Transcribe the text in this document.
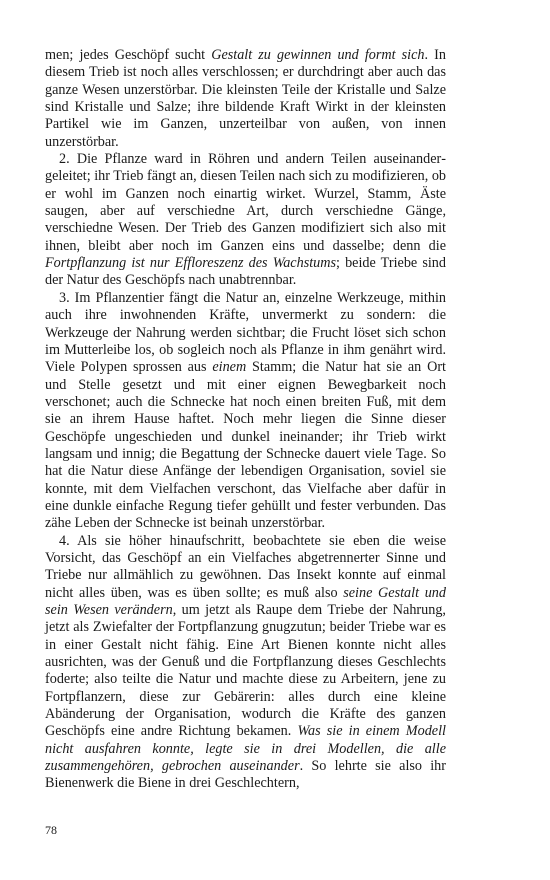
men; jedes Geschöpf sucht Gestalt zu gewinnen und formt sich. In diesem Trieb ist noch alles verschlossen; er durchdringt aber auch das ganze Wesen unzerstörbar. Die kleinsten Teile der Kristalle und Salze sind Kristalle und Salze; ihre bildende Kraft Wirkt in der kleinsten Partikel wie im Ganzen, unzerteilbar von außen, von innen unzerstörbar.

2. Die Pflanze ward in Röhren und andern Teilen auseinandergeleitet; ihr Trieb fängt an, diesen Teilen nach sich zu modifizieren, ob er wohl im Ganzen noch einartig wirket. Wurzel, Stamm, Äste saugen, aber auf verschiedne Art, durch verschiedne Gänge, verschiedne Wesen. Der Trieb des Ganzen modifiziert sich also mit ihnen, bleibt aber noch im Ganzen eins und dasselbe; denn die Fortpflanzung ist nur Effloreszenz des Wachstums; beide Triebe sind der Natur des Geschöpfs nach unabtrennbar.

3. Im Pflanzentier fängt die Natur an, einzelne Werkzeuge, mithin auch ihre inwohnenden Kräfte, unvermerkt zu sondern: die Werkzeuge der Nahrung werden sichtbar; die Frucht löset sich schon im Mutterleibe los, ob sogleich noch als Pflanze in ihm genährt wird. Viele Polypen sprossen aus einem Stamm; die Natur hat sie an Ort und Stelle gesetzt und mit einer eignen Bewegbarkeit noch verschonet; auch die Schnecke hat noch einen breiten Fuß, mit dem sie an ihrem Hause haftet. Noch mehr liegen die Sinne dieser Geschöpfe ungeschieden und dunkel ineinander; ihr Trieb wirkt langsam und innig; die Begattung der Schnecke dauert viele Tage. So hat die Natur diese Anfänge der lebendigen Organisation, soviel sie konnte, mit dem Vielfachen verschont, das Vielfache aber dafür in eine dunkle einfache Regung tiefer gehüllt und fester verbunden. Das zähe Leben der Schnecke ist beinah unzerstörbar.

4. Als sie höher hinaufschritt, beobachtete sie eben die weise Vorsicht, das Geschöpf an ein Vielfaches abgetrennerter Sinne und Triebe nur allmählich zu gewöhnen. Das Insekt konnte auf einmal nicht alles üben, was es üben sollte; es muß also seine Gestalt und sein Wesen verändern, um jetzt als Raupe dem Triebe der Nahrung, jetzt als Zwiefalter der Fortpflanzung gnugzutun; beider Triebe war es in einer Gestalt nicht fähig. Eine Art Bienen konnte nicht alles ausrichten, was der Genuß und die Fortpflanzung dieses Geschlechts foderte; also teilte die Natur und machte diese zu Arbeitern, jene zu Fortpflanzern, diese zur Gebärerin: alles durch eine kleine Abänderung der Organisation, wodurch die Kräfte des ganzen Geschöpfs eine andre Richtung bekamen. Was sie in einem Modell nicht ausfahren konnte, legte sie in drei Modellen, die alle zusammengehören, gebrochen auseinander. So lehrte sie also ihr Bienenwerk die Biene in drei Geschlechtern,

78
